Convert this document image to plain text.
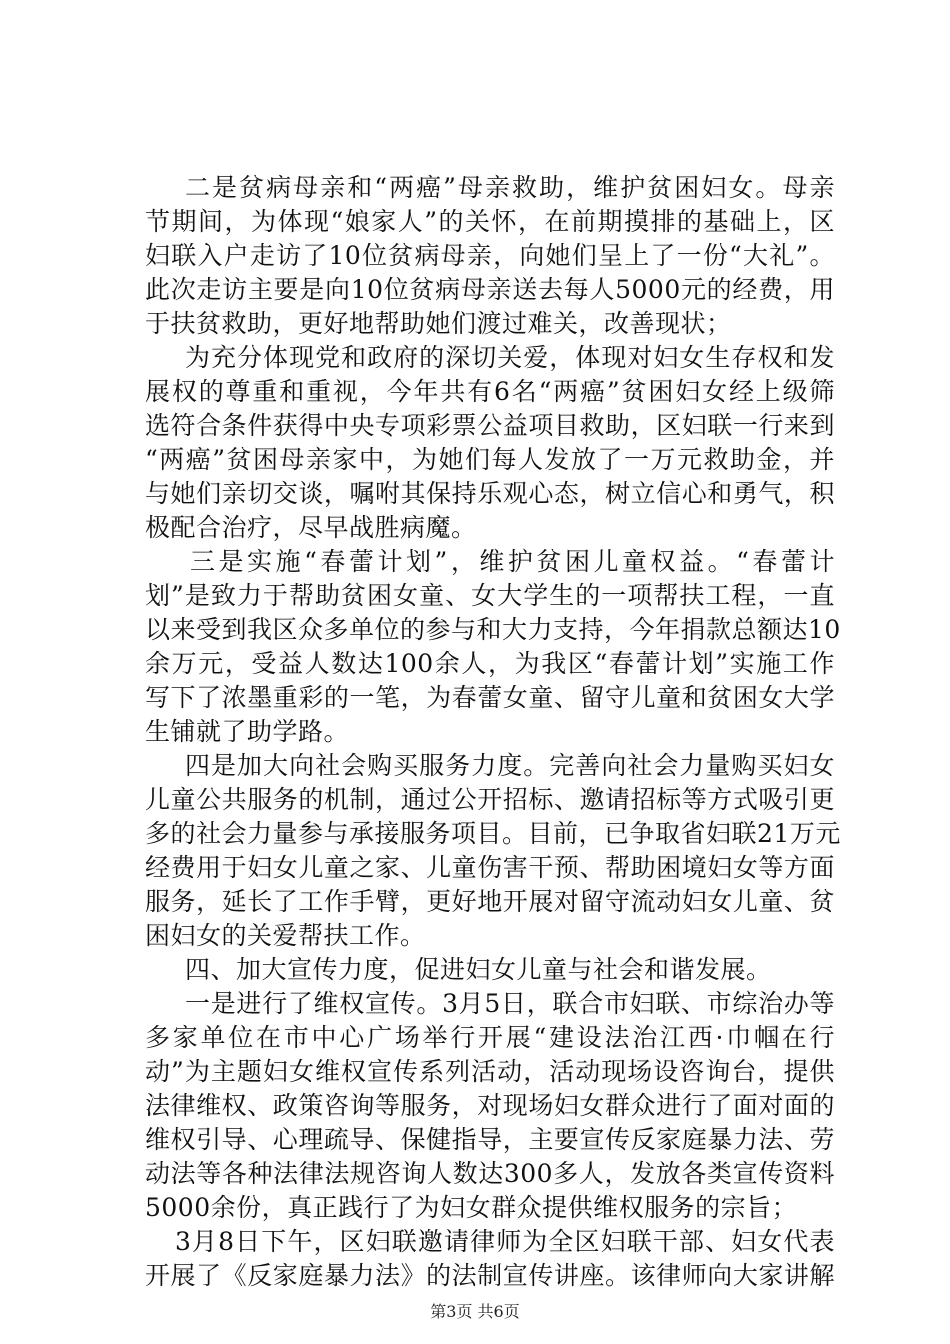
二是贫病母亲和“两癌”母亲救助，维护贫困妇女。母亲
节期间，为体现“娘家人”的关怀，在前期摸排的基础上，区
妇联入户走访了10位贫病母亲，向她们呈上了一份“大礼”。
此次走访主要是向10位贫病母亲送去每人5000元的经费，用
于扶贫救助，更好地帮助她们渡过难关，改善现状；
为充分体现党和政府的深切关爱，体现对妇女生存权和发
展权的尊重和重视，今年共有6名“两癌”贫困妇女经上级筛
选符合条件获得中央专项彩票公益项目救助，区妇联一行来到
“两癌”贫困母亲家中，为她们每人发放了一万元救助金，并
与她们亲切交谈，嘱咐其保持乐观心态，树立信心和勇气，积
极配合治疗，尽早战胜病魔。
三是实施“春蕾计划”，维护贫困儿童权益。“春蕾计
划”是致力于帮助贫困女童、女大学生的一项帮扶工程，一直
以来受到我区众多单位的参与和大力支持，今年捐款总额达10
余万元，受益人数达100余人，为我区“春蕾计划”实施工作
写下了浓墨重彩的一笔，为春蕾女童、留守儿童和贫困女大学
生铺就了助学路。
四是加大向社会购买服务力度。完善向社会力量购买妇女
儿童公共服务的机制，通过公开招标、邀请招标等方式吸引更
多的社会力量参与承接服务项目。目前，已争取省妇联21万元
经费用于妇女儿童之家、儿童伤害干预、帮助困境妇女等方面
服务，延长了工作手臂，更好地开展对留守流动妇女儿童、贫
困妇女的关爱帮扶工作。
四、加大宣传力度，促进妇女儿童与社会和谐发展。
一是进行了维权宣传。3月5日，联合市妇联、市综治办等
多家单位在市中心广场举行开展“建设法治江西·巾帼在行
动”为主题妇女维权宣传系列活动，活动现场设咨询台，提供
法律维权、政策咨询等服务，对现场妇女群众进行了面对面的
维权引导、心理疏导、保健指导，主要宣传反家庭暴力法、劳
动法等各种法律法规咨询人数达300多人，发放各类宣传资料
5000余份，真正践行了为妇女群众提供维权服务的宗旨；
3月8日下午，区妇联邀请律师为全区妇联干部、妇女代表
开展了《反家庭暴力法》的法制宣传讲座。该律师向大家讲解
第3页 共6页
